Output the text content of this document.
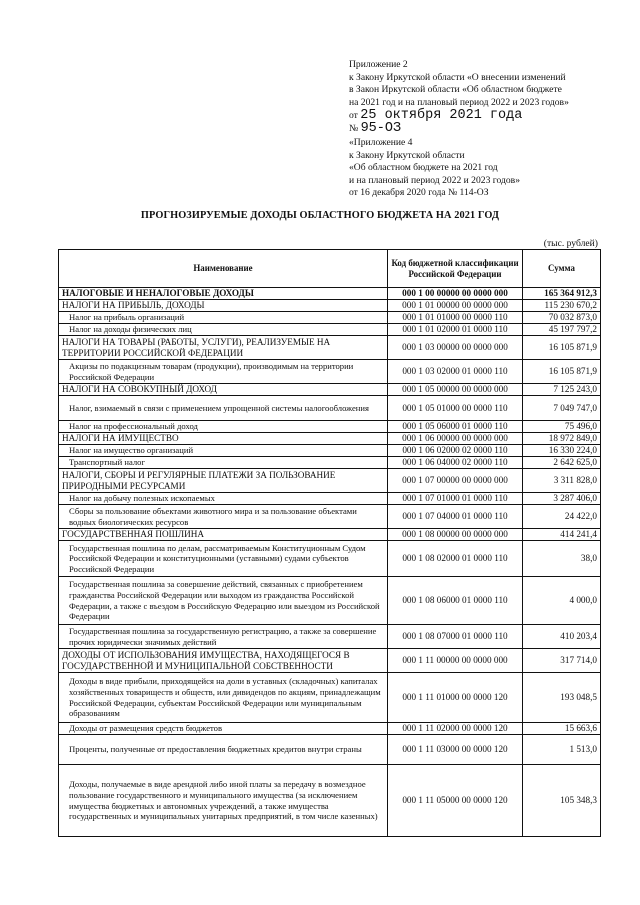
Приложение 2
к Закону Иркутской области «О внесении изменений
в Закон Иркутской области «Об областном бюджете
на 2021 год и на плановый период 2022 и 2023 годов»
от 25 октября 2021 года
№ 95-ОЗ
«Приложение 4
к Закону Иркутской области
«Об областном бюджете на 2021 год
и на плановый период 2022 и 2023 годов»
от 16 декабря 2020 года № 114-ОЗ
ПРОГНОЗИРУЕМЫЕ ДОХОДЫ ОБЛАСТНОГО БЮДЖЕТА НА 2021 ГОД
(тыс. рублей)
Наименование	Код бюджетной классификации Российской Федерации	Сумма
НАЛОГОВЫЕ И НЕНАЛОГОВЫЕ ДОХОДЫ	000 1 00 00000 00 0000 000	165 364 912,3
НАЛОГИ НА ПРИБЫЛЬ, ДОХОДЫ	000 1 01 00000 00 0000 000	115 230 670,2
Налог на прибыль организаций	000 1 01 01000 00 0000 110	70 032 873,0
Налог на доходы физических лиц	000 1 01 02000 01 0000 110	45 197 797,2
НАЛОГИ НА ТОВАРЫ (РАБОТЫ, УСЛУГИ), РЕАЛИЗУЕМЫЕ НА ТЕРРИТОРИИ РОССИЙСКОЙ ФЕДЕРАЦИИ	000 1 03 00000 00 0000 000	16 105 871,9
Акцизы по подакцизным товарам (продукции), производимым на территории Российской Федерации	000 1 03 02000 01 0000 110	16 105 871,9
НАЛОГИ НА СОВОКУПНЫЙ ДОХОД	000 1 05 00000 00 0000 000	7 125 243,0
Налог, взимаемый в связи с применением упрощенной системы налогообложения	000 1 05 01000 00 0000 110	7 049 747,0
Налог на профессиональный доход	000 1 05 06000 01 0000 110	75 496,0
НАЛОГИ НА ИМУЩЕСТВО	000 1 06 00000 00 0000 000	18 972 849,0
Налог на имущество организаций	000 1 06 02000 02 0000 110	16 330 224,0
Транспортный налог	000 1 06 04000 02 0000 110	2 642 625,0
НАЛОГИ, СБОРЫ И РЕГУЛЯРНЫЕ ПЛАТЕЖИ ЗА ПОЛЬЗОВАНИЕ ПРИРОДНЫМИ РЕСУРСАМИ	000 1 07 00000 00 0000 000	3 311 828,0
Налог на добычу полезных ископаемых	000 1 07 01000 01 0000 110	3 287 406,0
Сборы за пользование объектами животного мира и за пользование объектами водных биологических ресурсов	000 1 07 04000 01 0000 110	24 422,0
ГОСУДАРСТВЕННАЯ ПОШЛИНА	000 1 08 00000 00 0000 000	414 241,4
Государственная пошлина по делам, рассматриваемым Конституционным Судом Российской Федерации и конституционными (уставными) судами субъектов Российской Федерации	000 1 08 02000 01 0000 110	38,0
Государственная пошлина за совершение действий, связанных с приобретением гражданства Российской Федерации или выходом из гражданства Российской Федерации, а также с въездом в Российскую Федерацию или выездом из Российской Федерации	000 1 08 06000 01 0000 110	4 000,0
Государственная пошлина за государственную регистрацию, а также за совершение прочих юридически значимых действий	000 1 08 07000 01 0000 110	410 203,4
ДОХОДЫ ОТ ИСПОЛЬЗОВАНИЯ ИМУЩЕСТВА, НАХОДЯЩЕГОСЯ В ГОСУДАРСТВЕННОЙ И МУНИЦИПАЛЬНОЙ СОБСТВЕННОСТИ	000 1 11 00000 00 0000 000	317 714,0
Доходы в виде прибыли, приходящейся на доли в уставных (складочных) капиталах хозяйственных товариществ и обществ, или дивидендов по акциям, принадлежащим Российской Федерации, субъектам Российской Федерации или муниципальным образованиям	000 1 11 01000 00 0000 120	193 048,5
Доходы от размещения средств бюджетов	000 1 11 02000 00 0000 120	15 663,6
Проценты, полученные от предоставления бюджетных кредитов внутри страны	000 1 11 03000 00 0000 120	1 513,0
Доходы, получаемые в виде арендной либо иной платы за передачу в возмездное пользование государственного и муниципального имущества (за исключением имущества бюджетных и автономных учреждений, а также имущества государственных и муниципальных унитарных предприятий, в том числе казенных)	000 1 11 05000 00 0000 120	105 348,3
